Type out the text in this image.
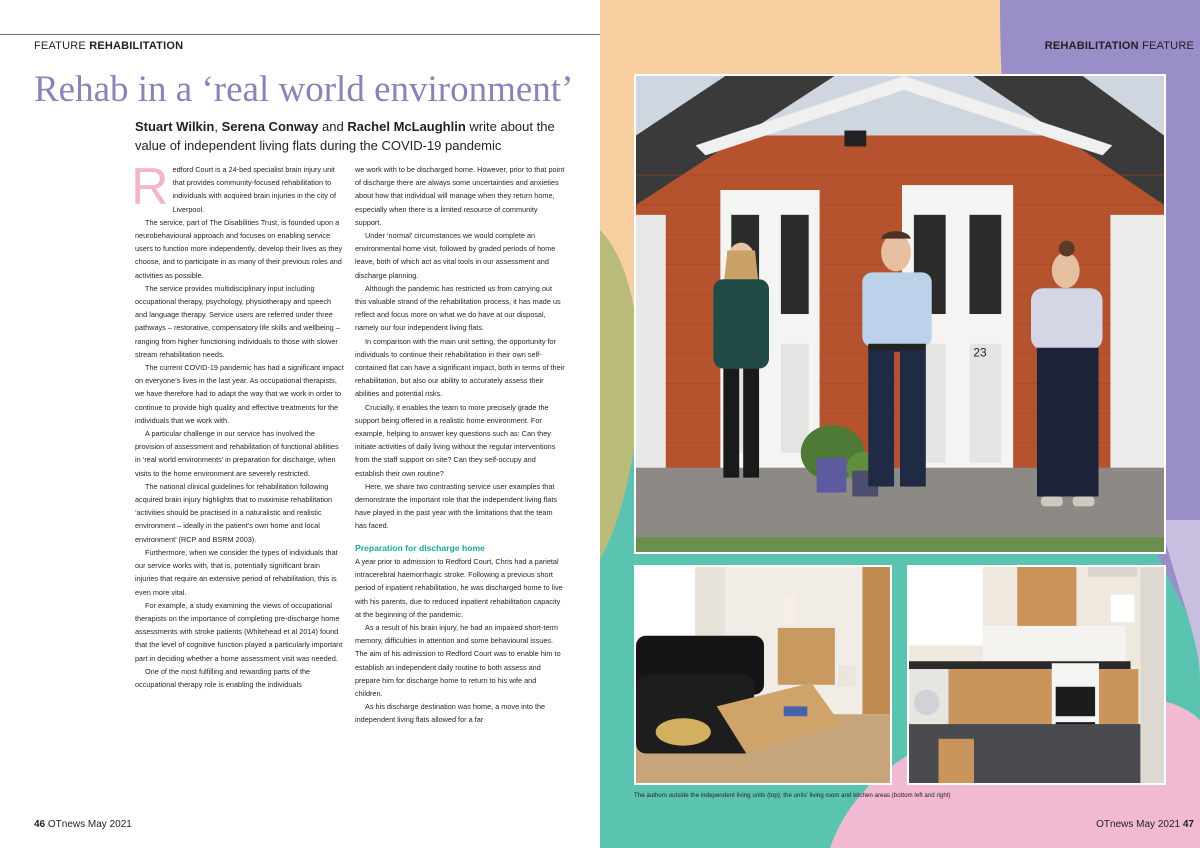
FEATURE REHABILITATION
Rehab in a ‘real world environment’
Stuart Wilkin, Serena Conway and Rachel McLaughlin write about the value of independent living flats during the COVID-19 pandemic
R edford Court is a 24-bed specialist brain injury unit that provides community-focused rehabilitation to individuals with acquired brain injuries in the city of Liverpool.

The service, part of The Disabilities Trust, is founded upon a neurobehavioural approach and focuses on enabling service users to function more independently, develop their lives as they choose, and to participate in as many of their previous roles and activities as possible.

The service provides multidisciplinary input including occupational therapy, psychology, physiotherapy and speech and language therapy. Service users are referred under three pathways – restorative, compensatory life skills and wellbeing – ranging from higher functioning individuals to those with slower stream rehabilitation needs.

The current COVID-19 pandemic has had a significant impact on everyone’s lives in the last year. As occupational therapists, we have therefore had to adapt the way that we work in order to continue to provide high quality and effective treatments for the individuals that we work with.

A particular challenge in our service has involved the provision of assessment and rehabilitation of functional abilities in ‘real world environments’ in preparation for discharge, when visits to the home environment are severely restricted.

The national clinical guidelines for rehabilitation following acquired brain injury highlights that to maximise rehabilitation ‘activities should be practised in a naturalistic and realistic environment – ideally in the patient’s own home and local environment’ (RCP and BSRM 2003).

Furthermore, when we consider the types of individuals that our service works with, that is, potentially significant brain injuries that require an extensive period of rehabilitation, this is even more vital.

For example, a study examining the views of occupational therapists on the importance of completing pre-discharge home assessments with stroke patients (Whitehead et al 2014) found that the level of cognitive function played a particularly important part in deciding whether a home assessment visit was needed.

One of the most fulfilling and rewarding parts of the occupational therapy role is enabling the individuals

we work with to be discharged home. However, prior to that point of discharge there are always some uncertainties and anxieties about how that individual will manage when they return home, especially when there is a limited resource of community support.

Under ‘normal’ circumstances we would complete an environmental home visit, followed by graded periods of home leave, both of which act as vital tools in our assessment and discharge planning.

Although the pandemic has restricted us from carrying out this valuable strand of the rehabilitation process, it has made us reflect and focus more on what we do have at our disposal, namely our four independent living flats.

In comparison with the main unit setting, the opportunity for individuals to continue their rehabilitation in their own self-contained flat can have a significant impact, both in terms of their rehabilitation, but also our ability to accurately assess their abilities and potential risks.

Crucially, it enables the team to more precisely grade the support being offered in a realistic home environment. For example, helping to answer key questions such as: Can they initiate activities of daily living without the regular interventions from the staff support on site? Can they self-occupy and establish their own routine?

Here, we share two contrasting service user examples that demonstrate the important role that the independent living flats have played in the past year with the limitations that the team has faced.

Preparation for discharge home

A year prior to admission to Redford Court, Chris had a parietal intracerebral haemorrhagic stroke. Following a previous short period of inpatient rehabilitation, he was discharged home to live with his parents, due to reduced inpatient rehabilitation capacity at the beginning of the pandemic.

As a result of his brain injury, he had an impaired short-term memory, difficulties in attention and some behavioural issues. The aim of his admission to Redford Court was to enable him to establish an independent daily routine to both assess and prepare him for discharge home to return to his wife and children.

As his discharge destination was home, a move into the independent living flats allowed for a far

46 OTnews May 2021
REHABILITATION FEATURE
23
The authors outside the independent living units (top); the units’ living room and kitchen areas (bottom left and right)
OTnews May 2021 47
